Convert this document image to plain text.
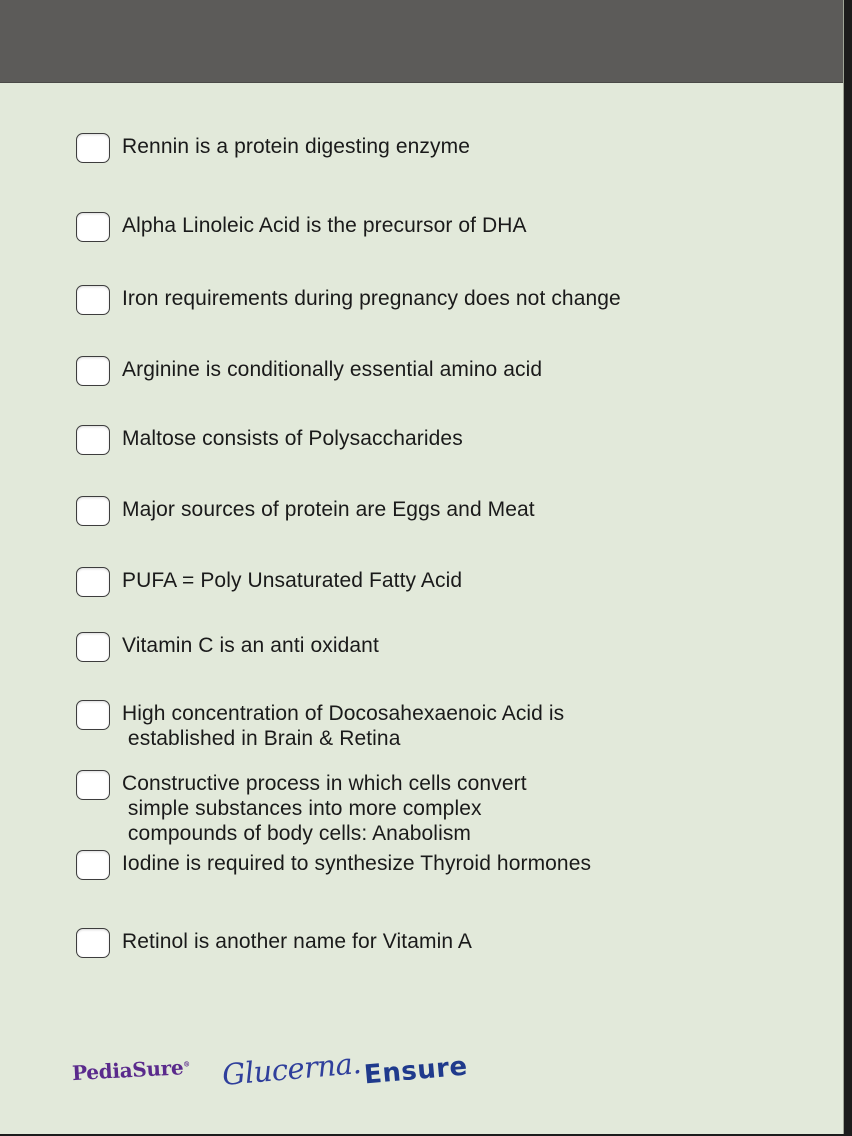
Rennin is a protein digesting enzyme
Alpha Linoleic Acid is the precursor of DHA
Iron requirements during pregnancy does not change
Arginine is conditionally essential amino acid
Maltose consists of Polysaccharides
Major sources of protein are Eggs and Meat
PUFA = Poly Unsaturated Fatty Acid
Vitamin C is an anti oxidant
High concentration of Docosahexaenoic Acid is
established in Brain & Retina
Constructive process in which cells convert
simple substances into more complex
compounds of body cells: Anabolism
Iodine is required to synthesize Thyroid hormones
Retinol is another name for Vitamin A
PediaSure® Glucerna. Ensure
